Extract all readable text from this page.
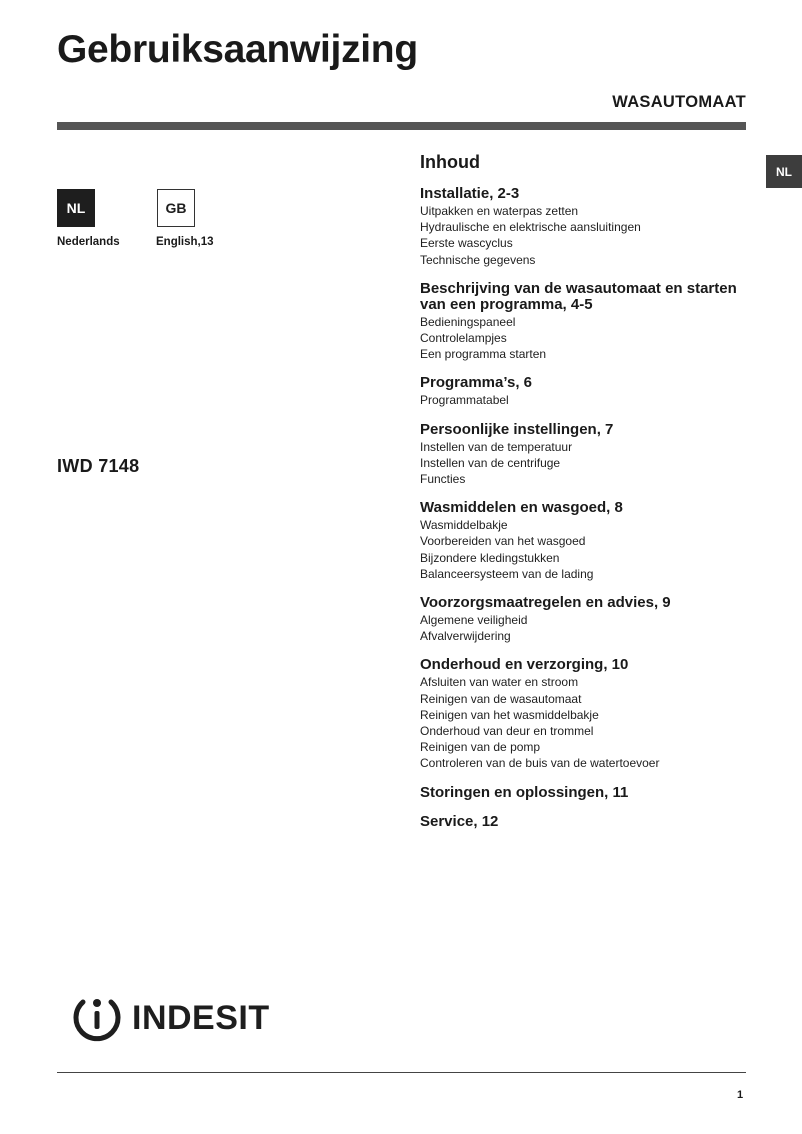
Gebruiksaanwijzing
WASAUTOMAAT
NL
NL
Nederlands
GB
English,13
IWD 7148
Inhoud
Installatie, 2-3
Uitpakken en waterpas zetten
Hydraulische en elektrische aansluitingen
Eerste wascyclus
Technische gegevens
Beschrijving van de wasautomaat en starten van een programma, 4-5
Bedieningspaneel
Controlelampjes
Een programma starten
Programma’s, 6
Programmatabel
Persoonlijke instellingen, 7
Instellen van de temperatuur
Instellen van de centrifuge
Functies
Wasmiddelen en wasgoed, 8
Wasmiddelbakje
Voorbereiden van het wasgoed
Bijzondere kledingstukken
Balanceersysteem van de lading
Voorzorgsmaatregelen en advies, 9
Algemene veiligheid
Afvalverwijdering
Onderhoud en verzorging, 10
Afsluiten van water en stroom
Reinigen van de wasautomaat
Reinigen van het wasmiddelbakje
Onderhoud van deur en trommel
Reinigen van de pomp
Controleren van de buis van de watertoevoer
Storingen en oplossingen, 11
Service, 12
INDESIT
1
